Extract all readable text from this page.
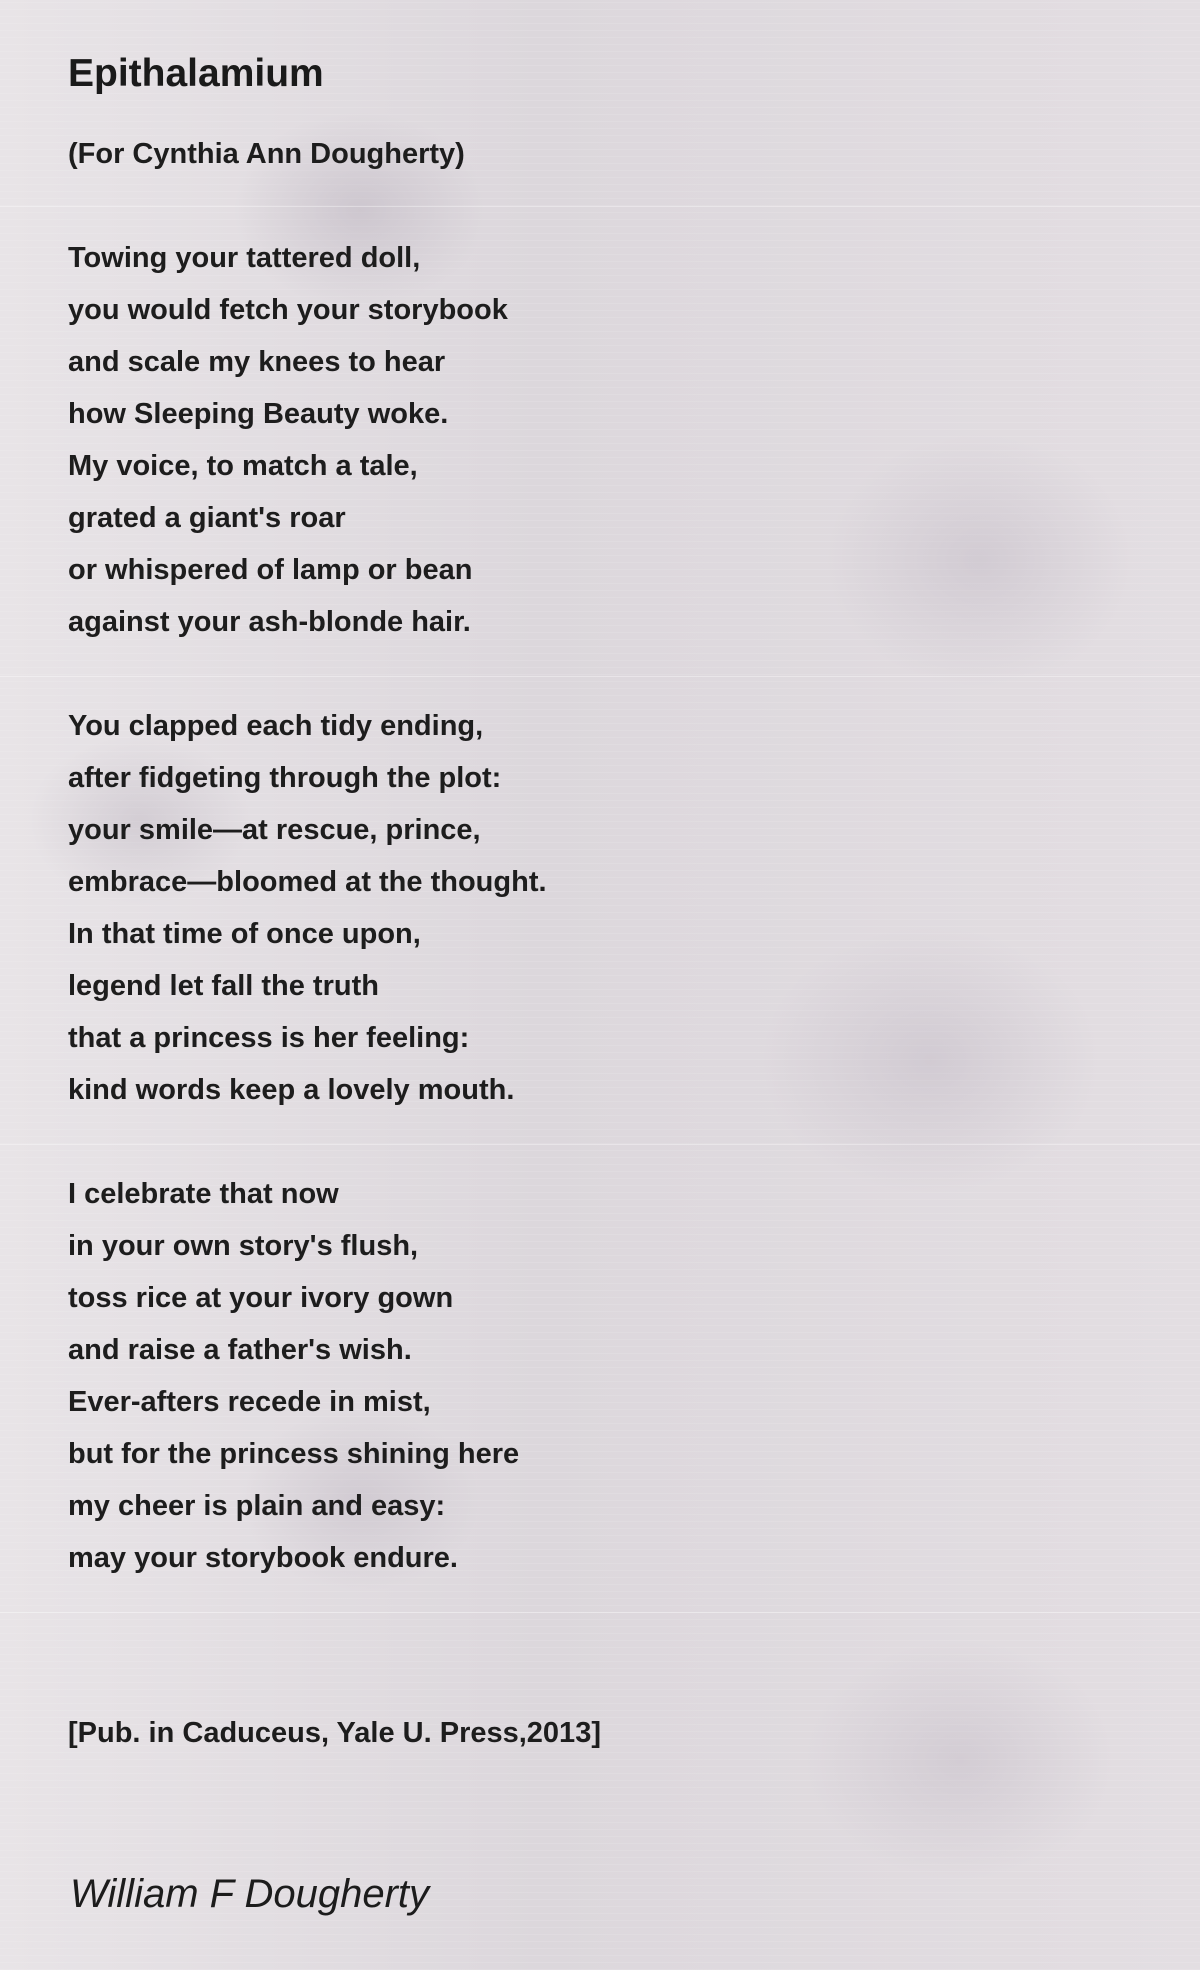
Epithalamium
(For Cynthia Ann Dougherty)
Towing your tattered doll,
you would fetch your storybook
and scale my knees to hear
how Sleeping Beauty woke.
My voice, to match a tale,
grated a giant's roar
or whispered of lamp or bean
against your ash-blonde hair.
You clapped each tidy ending,
after fidgeting through the plot:
your smile—at rescue, prince,
embrace—bloomed at the thought.
In that time of once upon,
legend let fall the truth
that a princess is her feeling:
kind words keep a lovely mouth.
I celebrate that now
in your own story's flush,
toss rice at your ivory gown
and raise a father's wish.
Ever-afters recede in mist,
but for the princess shining here
my cheer is plain and easy:
may your storybook endure.
[Pub. in Caduceus, Yale U. Press,2013]
William F Dougherty
